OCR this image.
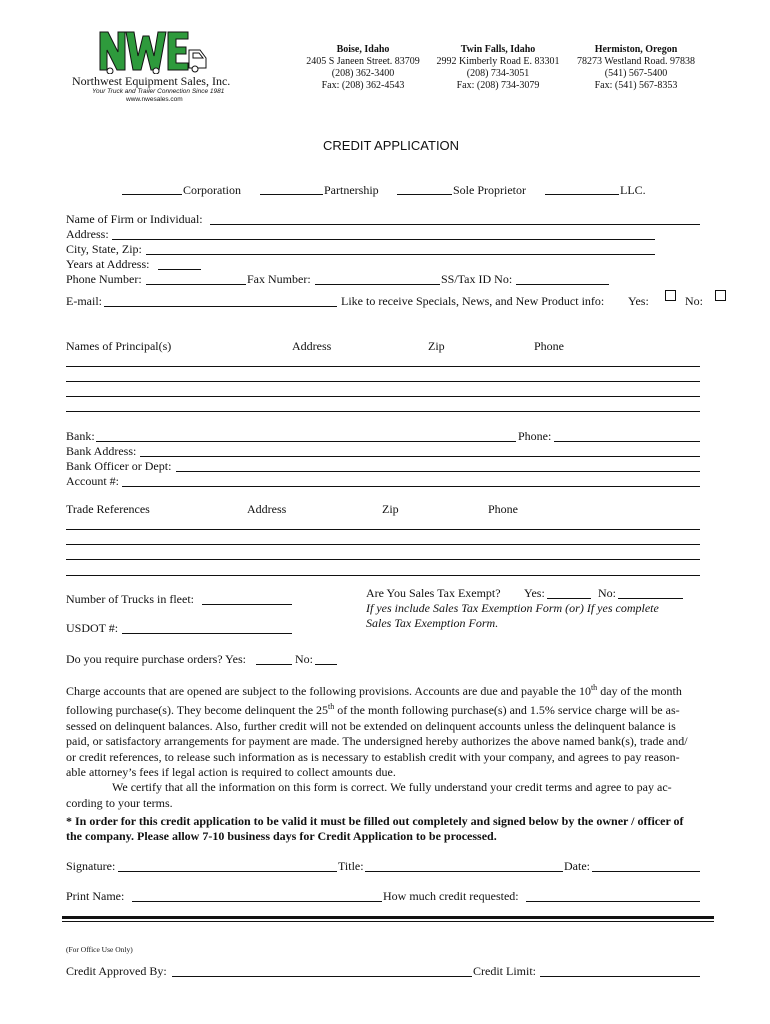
Northwest Equipment Sales, Inc.
Your Truck and Trailer Connection Since 1981
www.nwesales.com
Boise, Idaho
2405 S Janeen Street. 83709
(208) 362-3400
Fax: (208) 362-4543
Twin Falls, Idaho
2992 Kimberly Road E. 83301
(208) 734-3051
Fax: (208) 734-3079
Hermiston, Oregon
78273 Westland Road. 97838
(541) 567-5400
Fax: (541) 567-8353
CREDIT APPLICATION
Corporation	Partnership	Sole Proprietor	LLC.
Name of Firm or Individual:
Address:
City, State, Zip:
Years at Address:
Phone Number:	Fax Number:	SS/Tax ID No:
E-mail:	Like to receive Specials, News, and New Product info: Yes:	No:
Names of Principal(s)	Address	Zip	Phone
Bank:	Phone:
Bank Address:
Bank Officer or Dept:
Account #:
Trade References	Address	Zip	Phone
Number of Trucks in fleet:
USDOT #:
Are You Sales Tax Exempt? Yes:	No:
If yes include Sales Tax Exemption Form (or) If yes complete
Sales Tax Exemption Form.
Do you require purchase orders? Yes:	No:
Charge accounts that are opened are subject to the following provisions. Accounts are due and payable the 10th day of the month
following purchase(s). They become delinquent the 25th of the month following purchase(s) and 1.5% service charge will be as-
sessed on delinquent balances. Also, further credit will not be extended on delinquent accounts unless the delinquent balance is
paid, or satisfactory arrangements for payment are made. The undersigned hereby authorizes the above named bank(s), trade and/
or credit references, to release such information as is necessary to establish credit with your company, and agrees to pay reason-
able attorney’s fees if legal action is required to collect amounts due.
We certify that all the information on this form is correct. We fully understand your credit terms and agree to pay ac-
cording to your terms.
* In order for this credit application to be valid it must be filled out completely and signed below by the owner / officer of
the company. Please allow 7-10 business days for Credit Application to be processed.
Signature:	Title:	Date:
Print Name:	How much credit requested:
(For Office Use Only)
Credit Approved By:	Credit Limit:
